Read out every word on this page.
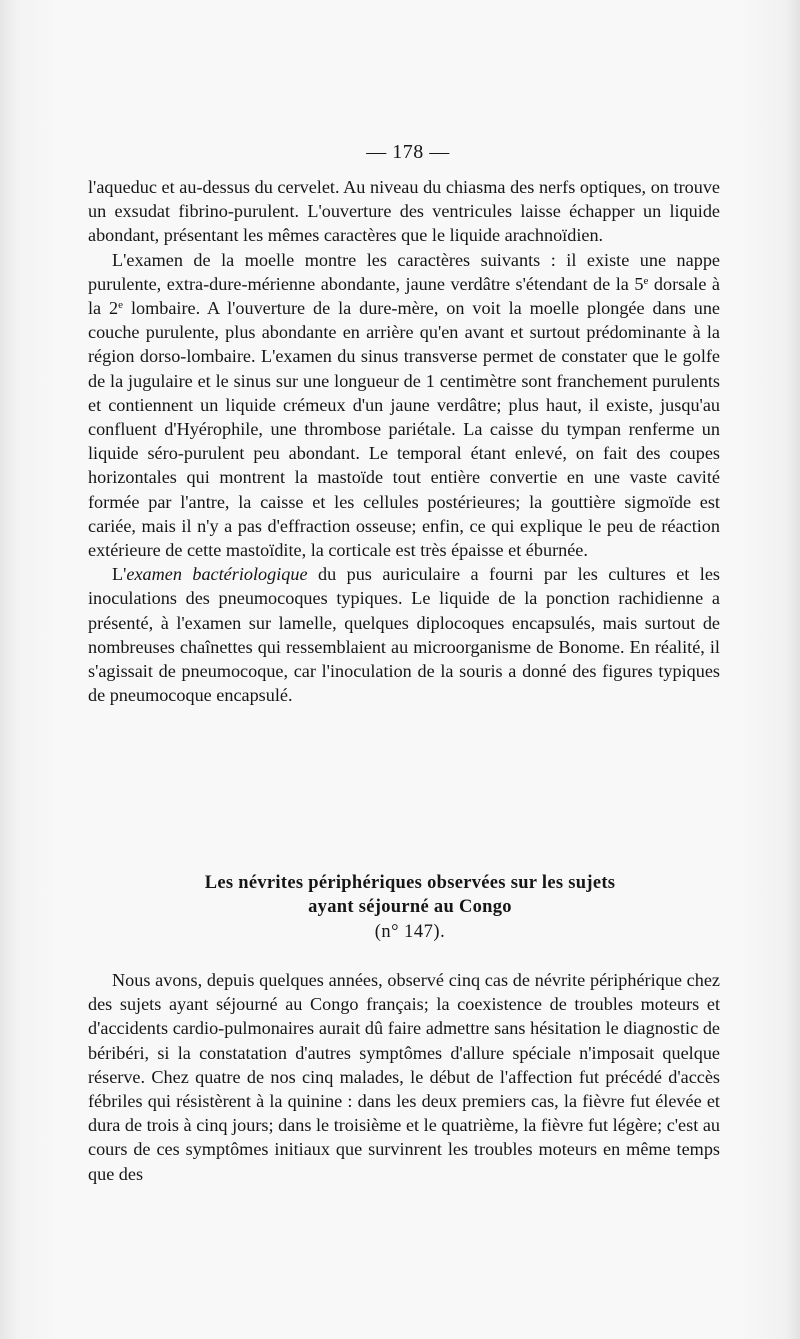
— 178 —

l'aqueduc et au-dessus du cervelet. Au niveau du chiasma des nerfs optiques, on trouve un exsudat fibrino-purulent. L'ouverture des ventricules laisse échapper un liquide abondant, présentant les mêmes caractères que le liquide arachnoïdien.

L'examen de la moelle montre les caractères suivants : il existe une nappe purulente, extra-dure-mérienne abondante, jaune verdâtre s'étendant de la 5e dorsale à la 2e lombaire. A l'ouverture de la dure-mère, on voit la moelle plongée dans une couche purulente, plus abondante en arrière qu'en avant et surtout prédominante à la région dorso-lombaire. L'examen du sinus transverse permet de constater que le golfe de la jugulaire et le sinus sur une longueur de 1 centimètre sont franchement purulents et contiennent un liquide crémeux d'un jaune verdâtre; plus haut, il existe, jusqu'au confluent d'Hyérophile, une thrombose pariétale. La caisse du tympan renferme un liquide séro-purulent peu abondant. Le temporal étant enlevé, on fait des coupes horizontales qui montrent la mastoïde tout entière convertie en une vaste cavité formée par l'antre, la caisse et les cellules postérieures; la gouttière sigmoïde est cariée, mais il n'y a pas d'effraction osseuse; enfin, ce qui explique le peu de réaction extérieure de cette mastoïdite, la corticale est très épaisse et éburnée.

L'examen bactériologique du pus auriculaire a fourni par les cultures et les inoculations des pneumocoques typiques. Le liquide de la ponction rachidienne a présenté, à l'examen sur lamelle, quelques diplocoques encapsulés, mais surtout de nombreuses chaînettes qui ressemblaient au microorganisme de Bonome. En réalité, il s'agissait de pneumocoque, car l'inoculation de la souris a donné des figures typiques de pneumocoque encapsulé.

Les névrites périphériques observées sur les sujets
ayant séjourné au Congo
(n° 147).

Nous avons, depuis quelques années, observé cinq cas de névrite périphérique chez des sujets ayant séjourné au Congo français; la coexistence de troubles moteurs et d'accidents cardio-pulmonaires aurait dû faire admettre sans hésitation le diagnostic de béribéri, si la constatation d'autres symptômes d'allure spéciale n'imposait quelque réserve. Chez quatre de nos cinq malades, le début de l'affection fut précédé d'accès fébriles qui résistèrent à la quinine : dans les deux premiers cas, la fièvre fut élevée et dura de trois à cinq jours; dans le troisième et le quatrième, la fièvre fut légère; c'est au cours de ces symptômes initiaux que survinrent les troubles moteurs en même temps que des
